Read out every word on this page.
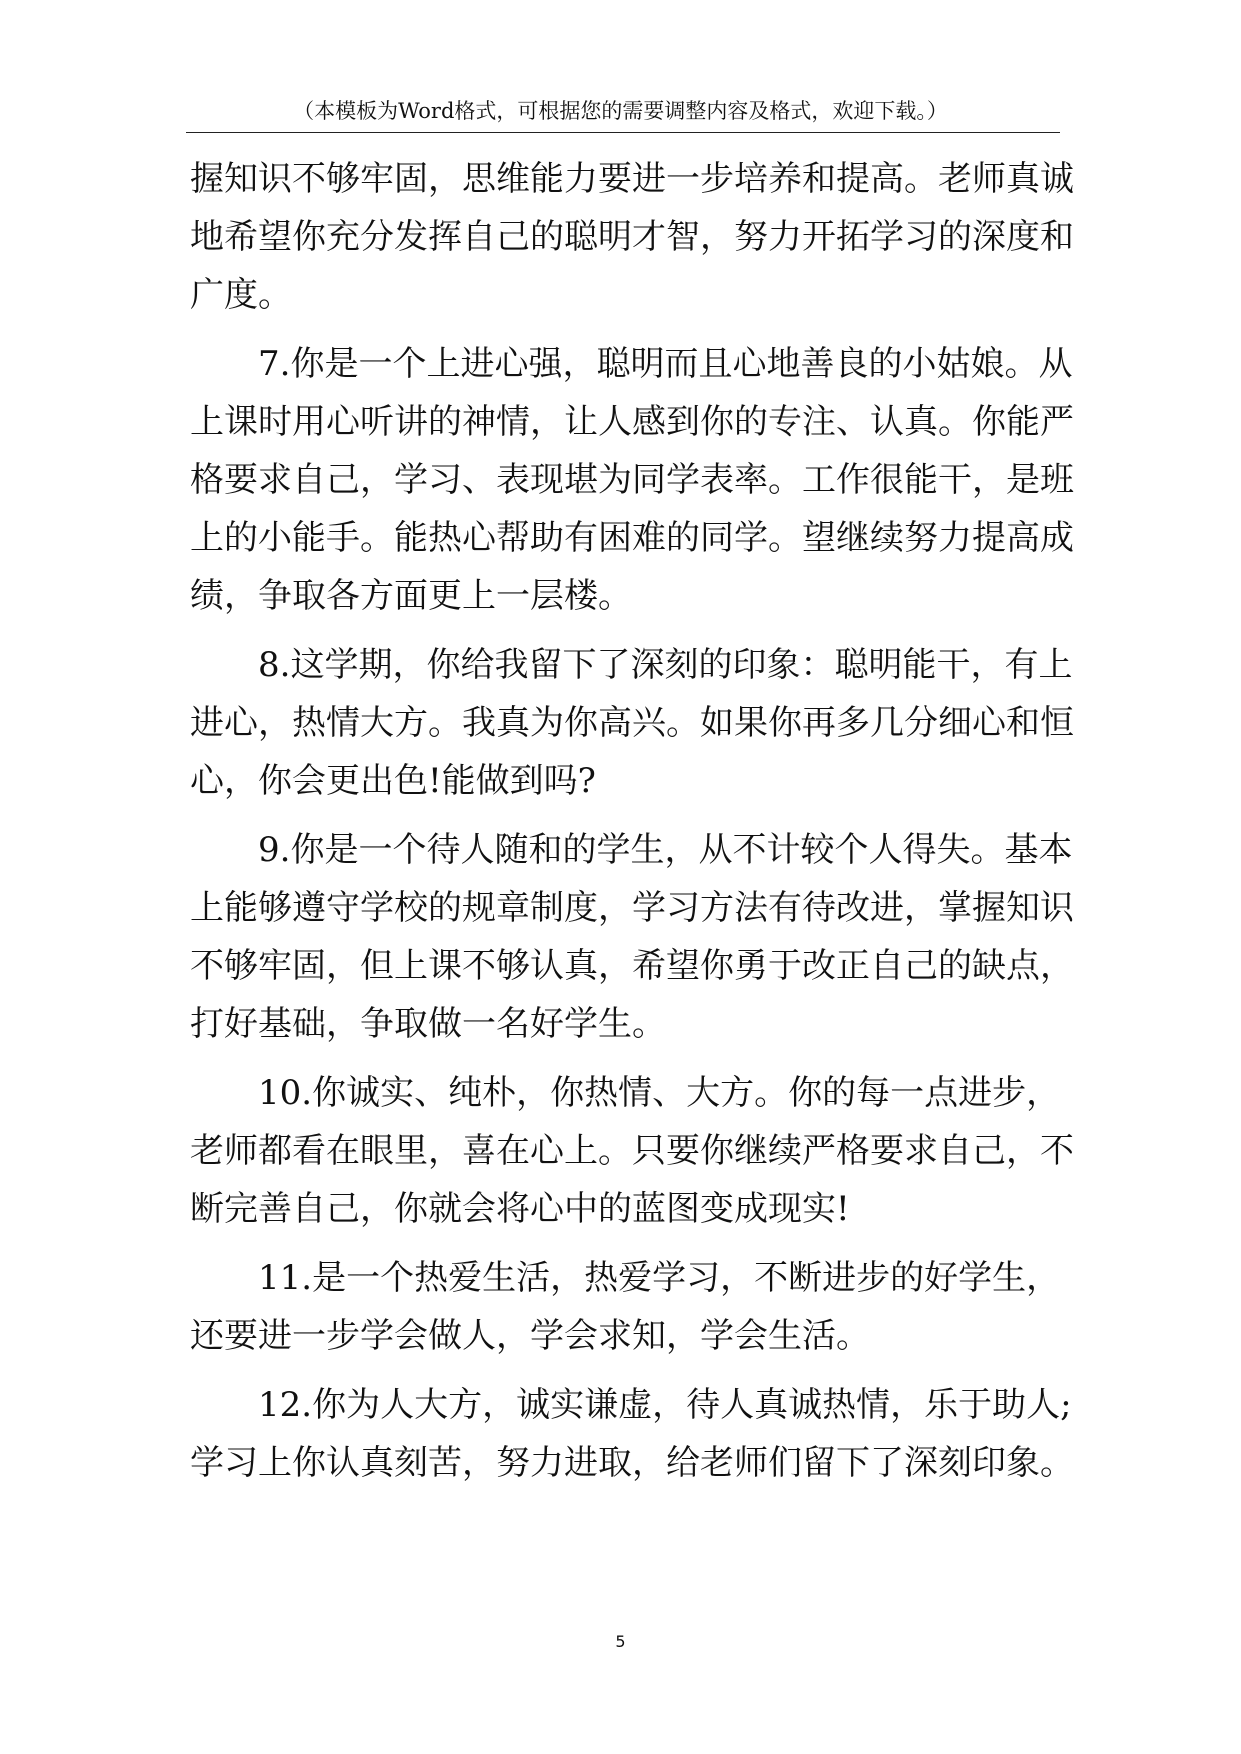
（本模板为Word格式，可根据您的需要调整内容及格式，欢迎下载。）
握知识不够牢固，思维能力要进一步培养和提高。老师真诚
地希望你充分发挥自己的聪明才智，努力开拓学习的深度和
广度。
7.你是一个上进心强，聪明而且心地善良的小姑娘。从
上课时用心听讲的神情，让人感到你的专注、认真。你能严
格要求自己，学习、表现堪为同学表率。工作很能干，是班
上的小能手。能热心帮助有困难的同学。望继续努力提高成
绩，争取各方面更上一层楼。
8.这学期，你给我留下了深刻的印象：聪明能干，有上
进心，热情大方。我真为你高兴。如果你再多几分细心和恒
心，你会更出色!能做到吗?
9.你是一个待人随和的学生，从不计较个人得失。基本
上能够遵守学校的规章制度，学习方法有待改进，掌握知识
不够牢固，但上课不够认真，希望你勇于改正自己的缺点，
打好基础，争取做一名好学生。
10.你诚实、纯朴，你热情、大方。你的每一点进步，
老师都看在眼里，喜在心上。只要你继续严格要求自己，不
断完善自己，你就会将心中的蓝图变成现实!
11.是一个热爱生活，热爱学习，不断进步的好学生，
还要进一步学会做人，学会求知，学会生活。
12.你为人大方，诚实谦虚，待人真诚热情，乐于助人;
学习上你认真刻苦，努力进取，给老师们留下了深刻印象。
5
